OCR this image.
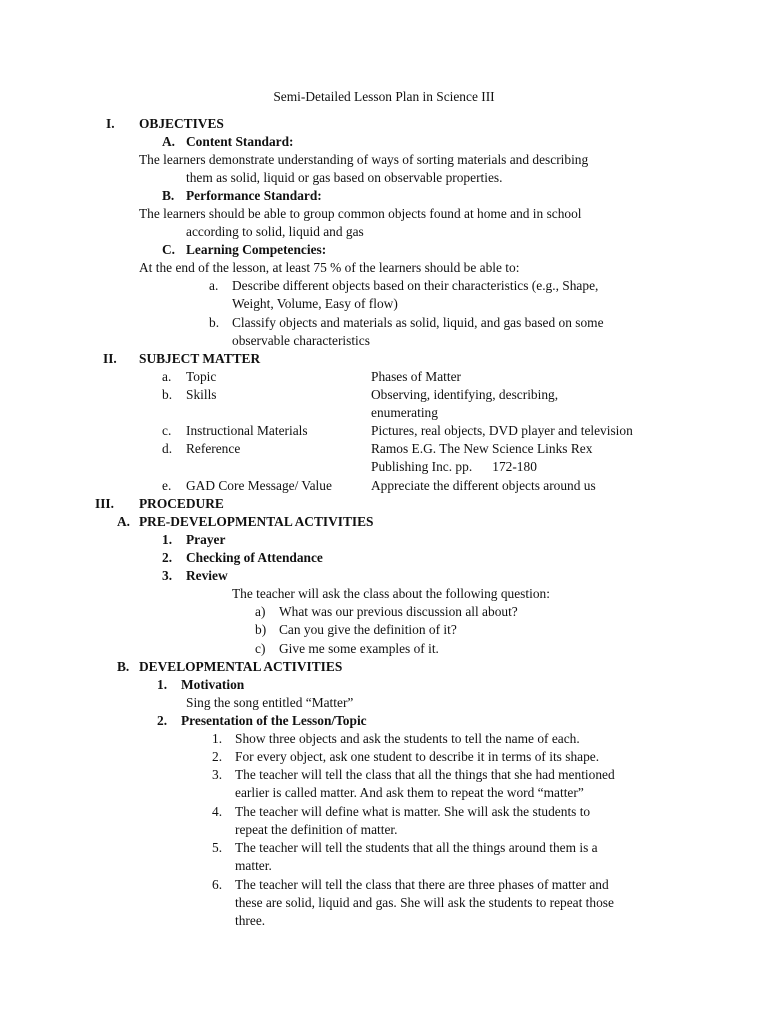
Semi-Detailed Lesson Plan in Science III
I. OBJECTIVES
A. Content Standard:
The learners demonstrate understanding of ways of sorting materials and describing
them as solid, liquid or gas based on observable properties.
B. Performance Standard:
The learners should be able to group common objects found at home and in school
according to solid, liquid and gas
C. Learning Competencies:
At the end of the lesson, at least 75 % of the learners should be able to:
a. Describe different objects based on their characteristics (e.g., Shape,
Weight, Volume, Easy of flow)
b. Classify objects and materials as solid, liquid, and gas based on some
observable characteristics
II. SUBJECT MATTER
a. Topic	Phases of Matter
b. Skills	Observing, identifying, describing,
enumerating
c. Instructional Materials	Pictures, real objects, DVD player and television
d. Reference	Ramos E.G. The New Science Links Rex
Publishing Inc. pp.      172-180
e. GAD Core Message/ Value	Appreciate the different objects around us
III. PROCEDURE
A. PRE-DEVELOPMENTAL ACTIVITIES
1. Prayer
2. Checking of Attendance
3. Review
The teacher will ask the class about the following question:
a) What was our previous discussion all about?
b) Can you give the definition of it?
c) Give me some examples of it.
B. DEVELOPMENTAL ACTIVITIES
1. Motivation
Sing the song entitled “Matter”
2. Presentation of the Lesson/Topic
1. Show three objects and ask the students to tell the name of each.
2. For every object, ask one student to describe it in terms of its shape.
3. The teacher will tell the class that all the things that she had mentioned
earlier is called matter. And ask them to repeat the word “matter”
4. The teacher will define what is matter. She will ask the students to
repeat the definition of matter.
5. The teacher will tell the students that all the things around them is a
matter.
6. The teacher will tell the class that there are three phases of matter and
these are solid, liquid and gas. She will ask the students to repeat those
three.
